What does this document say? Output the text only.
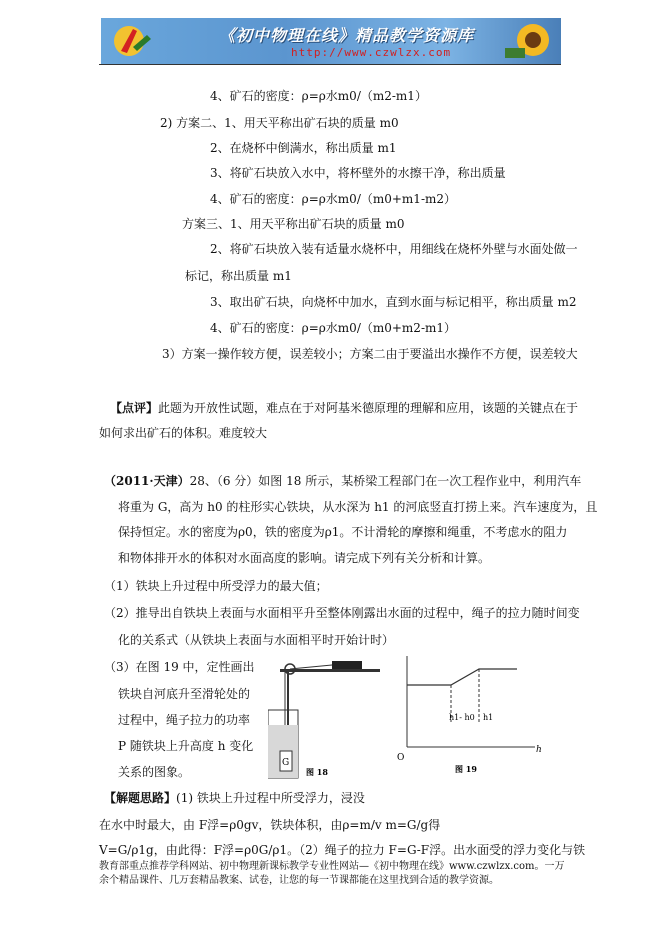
《初中物理在线》精品教学资源库
http://www.czwlzx.com
4、矿石的密度：ρ=ρ水m0/（m2-m1）
2) 方案二、1、用天平称出矿石块的质量 m0
2、在烧杯中倒满水，称出质量 m1
3、将矿石块放入水中，将杯壁外的水擦干净，称出质量
4、矿石的密度：ρ=ρ水m0/（m0+m1-m2）
方案三、1、用天平称出矿石块的质量 m0
2、将矿石块放入装有适量水烧杯中，用细线在烧杯外壁与水面处做一
标记，称出质量 m1
3、取出矿石块，向烧杯中加水，直到水面与标记相平，称出质量 m2
4、矿石的密度：ρ=ρ水m0/（m0+m2-m1）
3）方案一操作较方便，误差较小；方案二由于要溢出水操作不方便，误差较大
【点评】此题为开放性试题，难点在于对阿基米德原理的理解和应用，该题的关键点在于
如何求出矿石的体积。难度较大
（2011·天津）28、（6 分）如图 18 所示，某桥梁工程部门在一次工程作业中，利用汽车
将重为 G，高为 h0 的柱形实心铁块，从水深为 h1 的河底竖直打捞上来。汽车速度为，且
保持恒定。水的密度为ρ0，铁的密度为ρ1。不计滑轮的摩擦和绳重，不考虑水的阻力
和物体排开水的体积对水面高度的影响。请完成下列有关分析和计算。
（1）铁块上升过程中所受浮力的最大值；
（2）推导出自铁块上表面与水面相平升至整体刚露出水面的过程中，绳子的拉力随时间变
化的关系式（从铁块上表面与水面相平时开始计时）
（3）在图 19 中，定性画出
铁块自河底升至滑轮处的
过程中，绳子拉力的功率
P 随铁块上升高度 h 变化
关系的图象。
G
图 18
h1- h0 h1
O
h
图 19
【解题思路】(1) 铁块上升过程中所受浮力，浸没
在水中时最大，由 F浮=ρ0gv，铁块体积，由ρ=m/v m=G/g得
V=G/ρ1g，由此得：F浮=ρ0G/ρ1。（2）绳子的拉力 F=G-F浮。出水面受的浮力变化与铁
教育部重点推荐学科网站、初中物理新课标教学专业性网站—《初中物理在线》www.czwlzx.com。一万余个精品课件、几万套精品教案、试卷，让您的每一节课都能在这里找到合适的教学资源。
